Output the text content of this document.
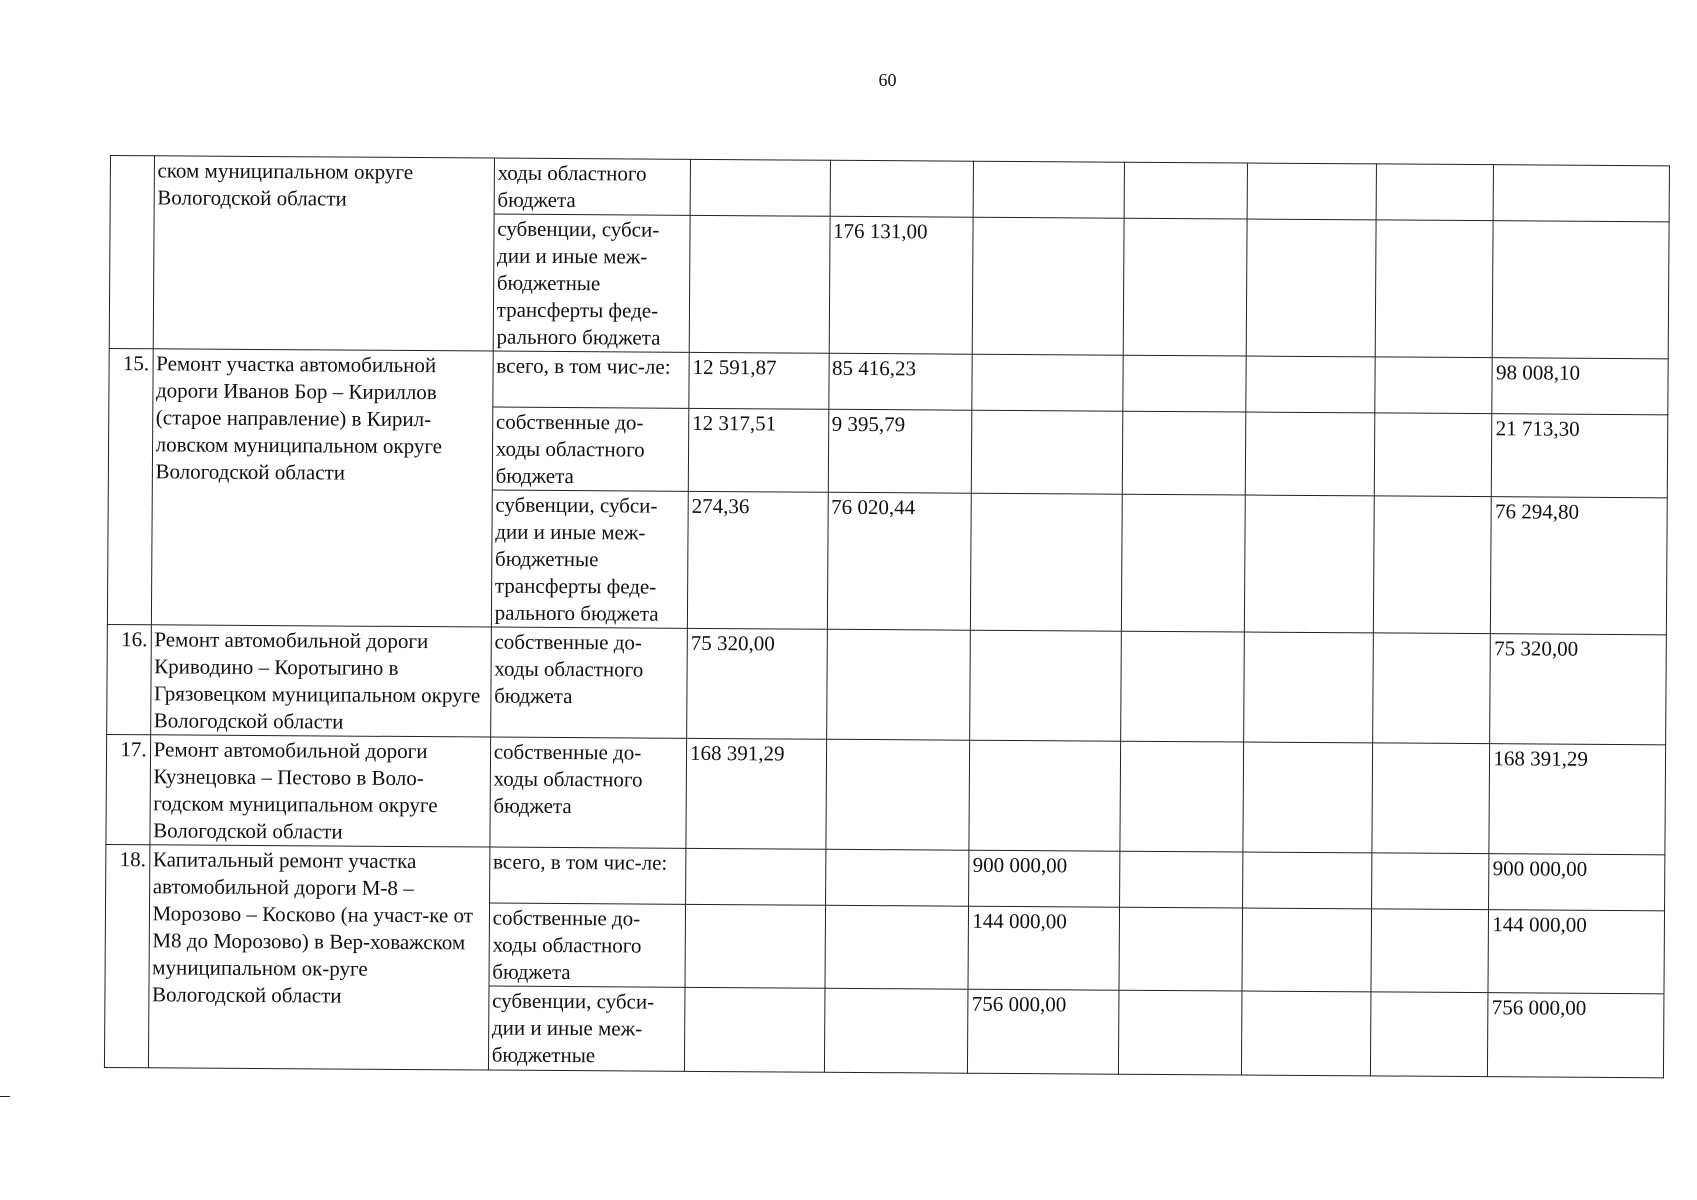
60
	ском муниципальном округе Вологодской области	ходы областного бюджета							
		субвенции, субси-дии и иные меж-бюджетные трансферты феде-рального бюджета		176 131,00					
15.	Ремонт участка автомобильной дороги Иванов Бор – Кириллов (старое направление) в Кирил-ловском муниципальном округе Вологодской области	всего, в том чис-ле:	12 591,87	85 416,23					98 008,10
		собственные до-ходы областного бюджета	12 317,51	9 395,79					21 713,30
		субвенции, субси-дии и иные меж-бюджетные трансферты феде-рального бюджета	274,36	76 020,44					76 294,80
16.	Ремонт автомобильной дороги Криводино – Коротыгино в Грязовецком муниципальном округе Вологодской области	собственные до-ходы областного бюджета	75 320,00						75 320,00
17.	Ремонт автомобильной дороги Кузнецовка – Пестово в Воло-годском муниципальном округе Вологодской области	собственные до-ходы областного бюджета	168 391,29						168 391,29
18.	Капитальный ремонт участка автомобильной дороги М-8 – Морозово – Косково (на участ-ке от М8 до Морозово) в Вер-ховажском муниципальном ок-руге Вологодской области	всего, в том чис-ле:			900 000,00				900 000,00
		собственные до-ходы областного бюджета			144 000,00				144 000,00
		субвенции, субси-дии и иные меж-бюджетные			756 000,00				756 000,00
